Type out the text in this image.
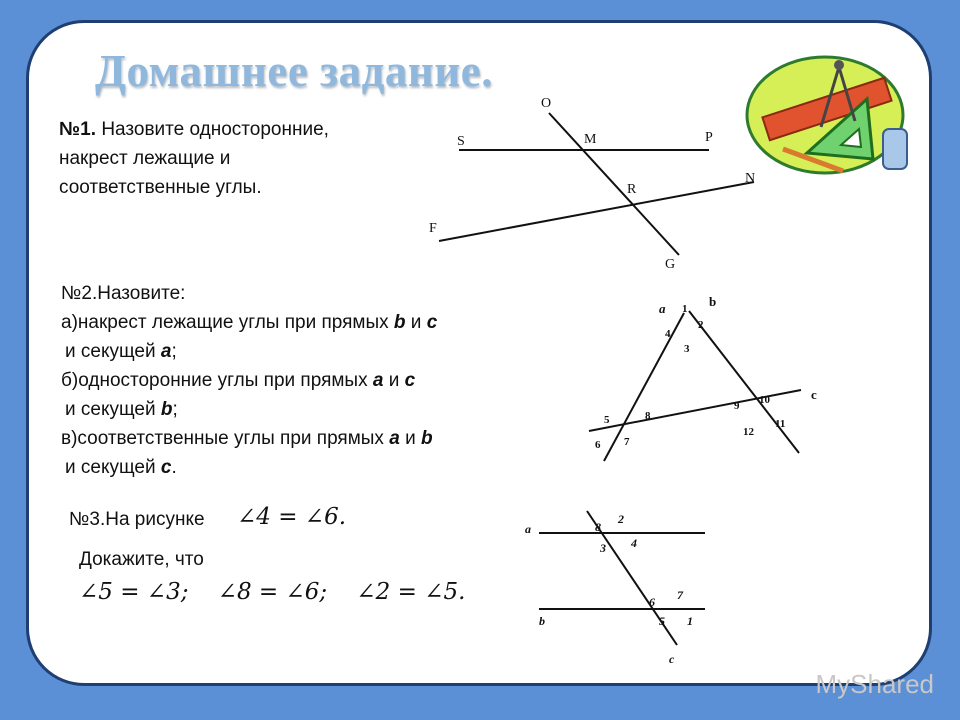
Домашнее задание.
№1. Назовите односторонние,
накрест лежащие и
соответственные углы.
O
S	M	P
N
R
F
G
№2.Назовите:
а)накрест лежащие углы при прямых b и c
и секущей a;
б)односторонние углы при прямых a и c
и секущей b;
в)соответственные углы при прямых a и b
и секущей c.
a	b
c
1
2
3
4
5
6 7
8
9 10
11
12
№3.На рисунке ∠4 = ∠6.
Докажите, что
∠5 = ∠3; ∠8 = ∠6; ∠2 = ∠5.
a
b
c
2
8
3 4
6 7
5 1
MyShared
